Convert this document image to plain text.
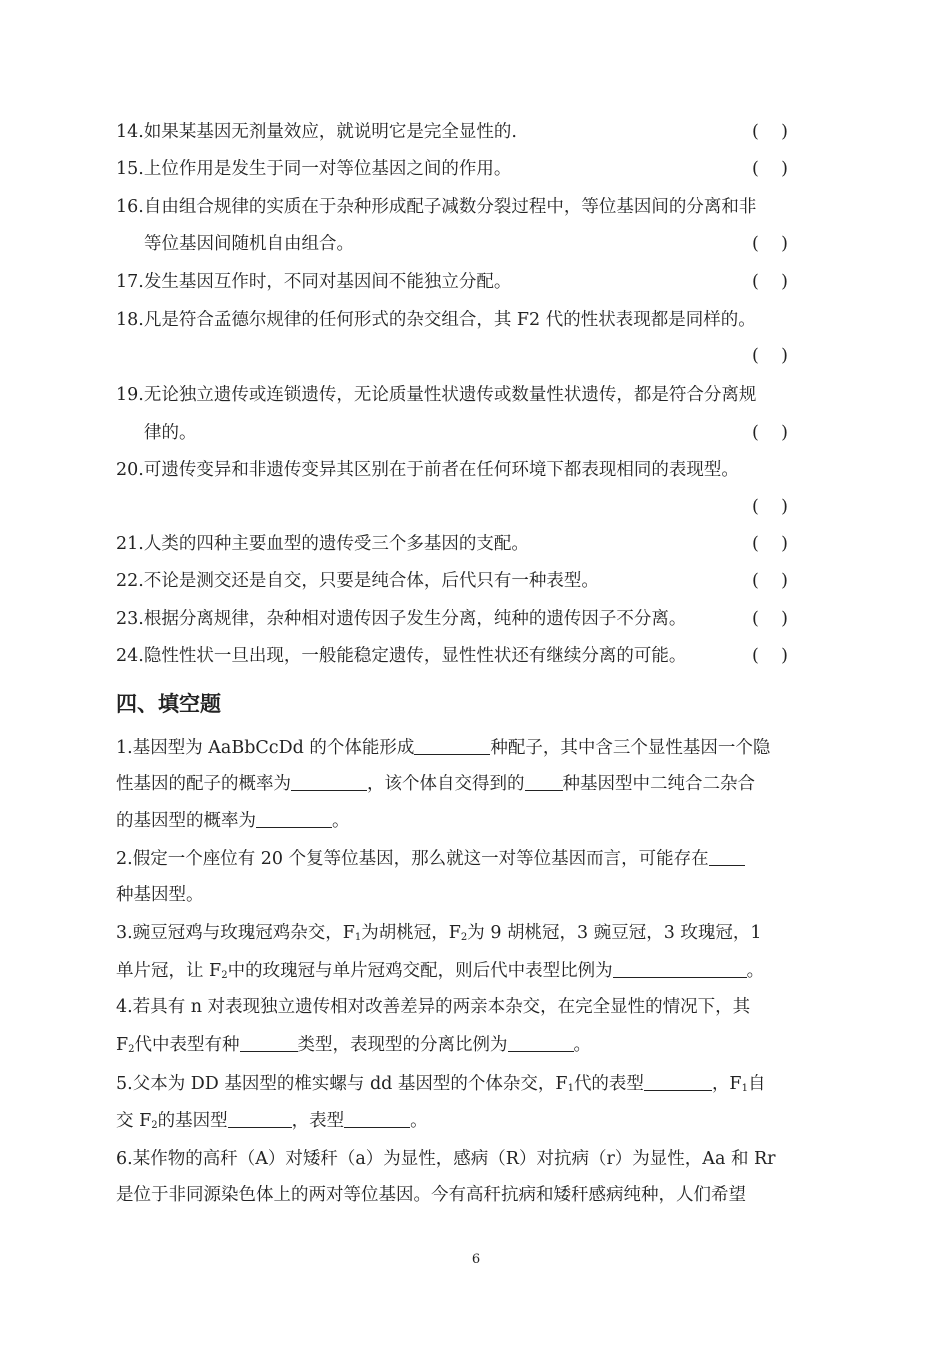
14.如果某基因无剂量效应，就说明它是完全显性的.	(    )
15.上位作用是发生于同一对等位基因之间的作用。	(    )
16.自由组合规律的实质在于杂种形成配子减数分裂过程中，等位基因间的分离和非
等位基因间随机自由组合。	(    )
17.发生基因互作时，不同对基因间不能独立分配。	(    )
18.凡是符合孟德尔规律的任何形式的杂交组合，其 F2 代的性状表现都是同样的。
(    )
19.无论独立遗传或连锁遗传，无论质量性状遗传或数量性状遗传，都是符合分离规
律的。	(    )
20.可遗传变异和非遗传变异其区别在于前者在任何环境下都表现相同的表现型。
(    )
21.人类的四种主要血型的遗传受三个多基因的支配。	(    )
22.不论是测交还是自交，只要是纯合体，后代只有一种表型。	(    )
23.根据分离规律，杂种相对遗传因子发生分离，纯种的遗传因子不分离。	(    )
24.隐性性状一旦出现，一般能稳定遗传，显性性状还有继续分离的可能。	(    )
四、填空题
1.基因型为 AaBbCcDd 的个体能形成	种配子，其中含三个显性基因一个隐
性基因的配子的概率为	，该个体自交得到的 种基因型中二纯合二杂合
的基因型的概率为	。
2.假定一个座位有 20 个复等位基因，那么就这一对等位基因而言，可能存在
种基因型。
3.豌豆冠鸡与玫瑰冠鸡杂交，$F_1$为胡桃冠，$F_2$为 9 胡桃冠，3 豌豆冠，3 玫瑰冠，1
单片冠，让 $F_2$中的玫瑰冠与单片冠鸡交配，则后代中表型比例为	。
4.若具有 n 对表现独立遗传相对改善差异的两亲本杂交，在完全显性的情况下，其
$F_2$代中表型有种	类型，表现型的分离比例为	。
5.父本为 DD 基因型的椎实螺与 dd 基因型的个体杂交，$F_1$代的表型	，$F_1$自
交 $F_2$的基因型	，表型	。
6.某作物的高秆（A）对矮秆（a）为显性，感病（R）对抗病（r）为显性，Aa 和 Rr
是位于非同源染色体上的两对等位基因。今有高秆抗病和矮秆感病纯种，人们希望
6
